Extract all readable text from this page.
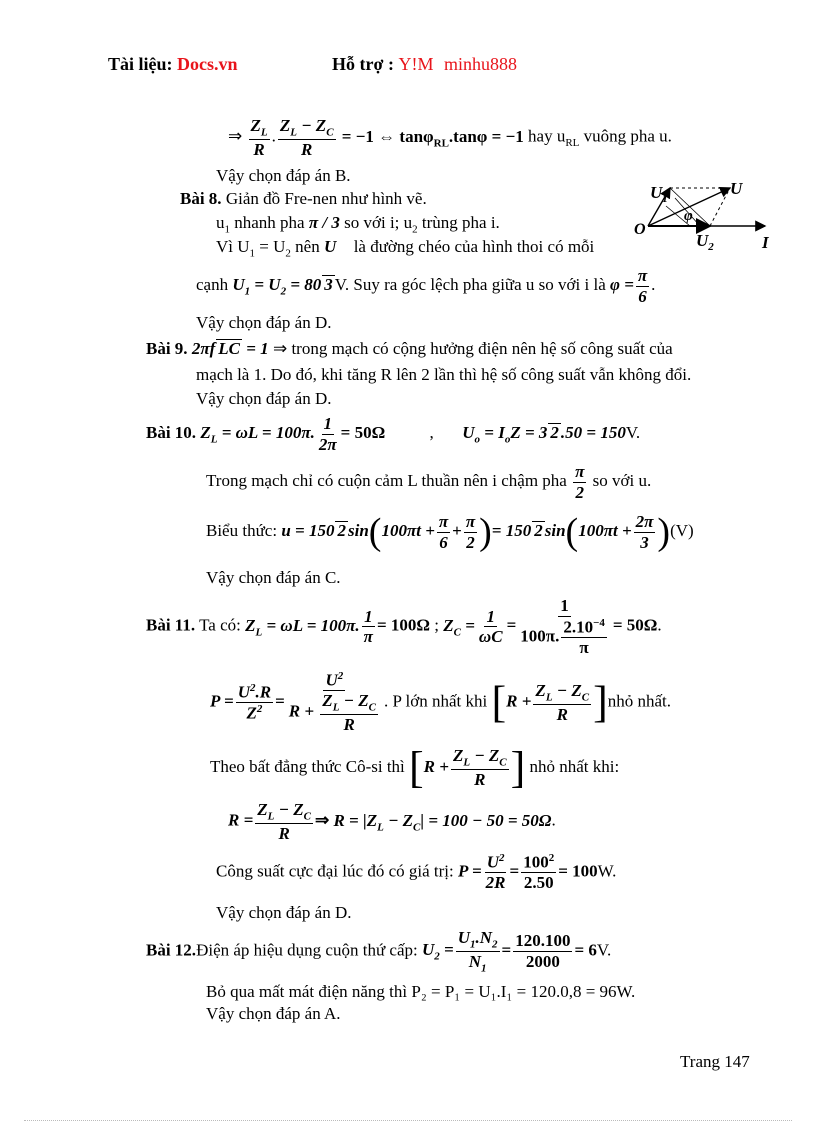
Tài liệu: Docs.vn	Hỗ trợ : Y!M minhu888
⇒ $\frac{Z_L}{R}$ . $\frac{Z_L - Z_C}{R} = -1$ ⇔ tanφ$_{RL}$.tanφ = −1 hay $u_{RL}$ vuông pha u.
Vậy chọn đáp án B.
Bài 8. Giản đồ Fre-nen như hình vẽ.
$u_1$ nhanh pha π / 3 so với i; $u_2$ trùng pha i.
Vì $U_1 = U_2$ nên U⃗ là đường chéo của hình thoi có mỗi
U
$U_1$
$U_2$
O
φ
I
cạnh $U_1 = U_2 = 80$ 3 V. Suy ra góc lệch pha giữa u so với i là $\varphi = \frac{\pi}{6}$ .
Vậy chọn đáp án D.
Bài 9. 2πf LC = 1 ⇒ trong mạch có cộng hưởng điện nên hệ số công suất của
mạch là 1. Do đó, khi tăng R lên 2 lần thì hệ số công suất vẫn không đổi.
Vậy chọn đáp án D.
Bài 10. $Z_L = \omega L = 100\pi$. $\frac{1}{2\pi} = 50\Omega$	,  $U_o = I_oZ = 3$ 2 .50 = 150V.
Trong mạch chỉ có cuộn cảm L thuần nên i chậm pha $\frac{\pi}{2}$ so với u.
Biểu thức: u = 150 2 $\sin(100\pi t + \frac{\pi}{6} + \frac{\pi}{2}$ )= 150 2 $\sin(100\pi t + \frac{2\pi}{3} )(V)$
Vậy chọn đáp án C.
Bài 11. Ta có: $Z_L = \omega L = 100\pi$. $\frac{1}{\pi} = 100\Omega$ ; $Z_C = \frac{1}{\omega C} = \frac{1}{100\pi. \frac{2.10^{-4}}{\pi}} = 50\Omega$.
$P = \frac{U^2.R}{Z^2} = \frac{U^2}{R + \frac{Z_L - Z_C}{R}}$ . P lớn nhất khi [$R + \frac{Z_L - Z_C}{R}$ ]nhỏ nhất.
Theo bất đẳng thức Cô-si thì [$R + \frac{Z_L - Z_C}{R}$ ] nhỏ nhất khi:
$R = \frac{Z_L - Z_C}{R}$ ⇒ $R = |Z_L - Z_C| = 100 - 50 = 50\Omega$.
Công suất cực đại lúc đó có giá trị: $P = \frac{U^2}{2R} = \frac{100^2}{2.50} = 100W$.
Vậy chọn đáp án D.
Bài 12.Điện áp hiệu dụng cuộn thứ cấp: $U_2 = \frac{U_1.N_2}{N_1} = \frac{120.100}{2000} = 6V$.
Bỏ qua mất mát điện năng thì P₂ = P₁ = U₁.I₁ = 120.0,8 = 96W.
Vậy chọn đáp án A.
Trang 147
